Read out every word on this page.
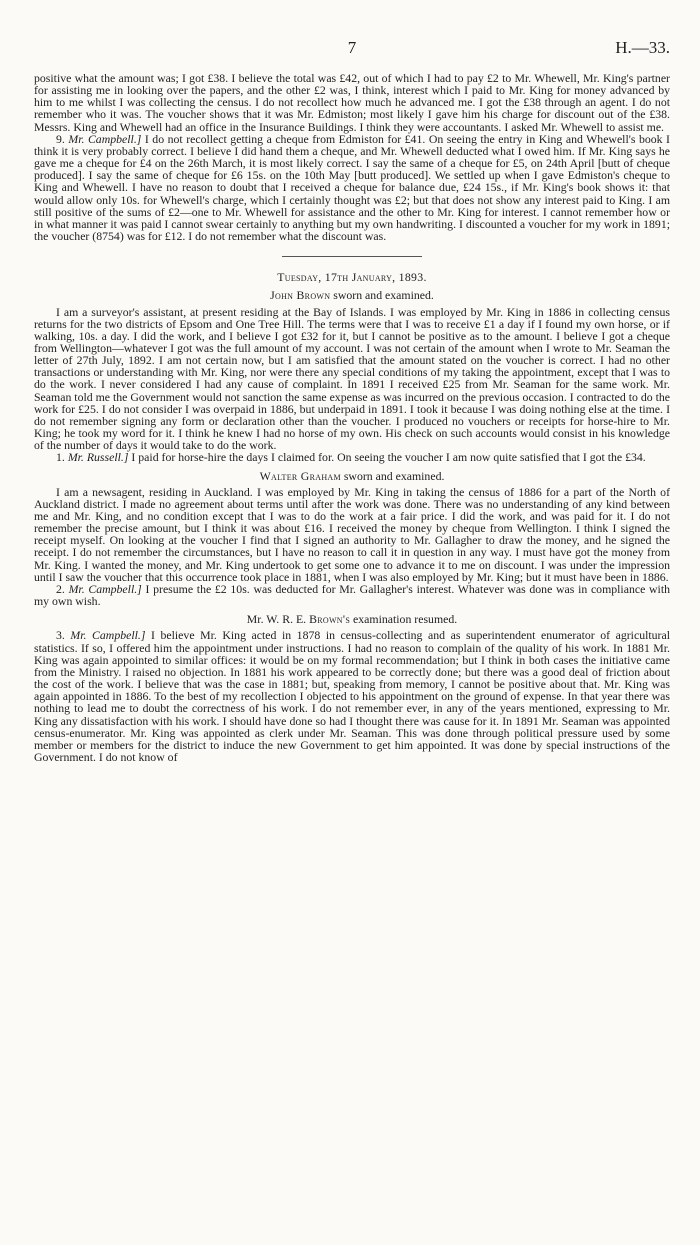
7	H.—33.

positive what the amount was; I got £38. I believe the total was £42, out of which I had to pay £2 to Mr. Whewell, Mr. King's partner for assisting me in looking over the papers, and the other £2 was, I think, interest which I paid to Mr. King for money advanced by him to me whilst I was collecting the census. I do not recollect how much he advanced me. I got the £38 through an agent. I do not remember who it was. The voucher shows that it was Mr. Edmiston; most likely I gave him his charge for discount out of the £38. Messrs. King and Whewell had an office in the Insurance Buildings. I think they were accountants. I asked Mr. Whewell to assist me.

9. Mr. Campbell.] I do not recollect getting a cheque from Edmiston for £41. On seeing the entry in King and Whewell's book I think it is very probably correct. I believe I did hand them a cheque, and Mr. Whewell deducted what I owed him. If Mr. King says he gave me a cheque for £4 on the 26th March, it is most likely correct. I say the same of a cheque for £5, on 24th April [butt of cheque produced]. I say the same of cheque for £6 15s. on the 10th May [butt produced]. We settled up when I gave Edmiston's cheque to King and Whewell. I have no reason to doubt that I received a cheque for balance due, £24 15s., if Mr. King's book shows it: that would allow only 10s. for Whewell's charge, which I certainly thought was £2; but that does not show any interest paid to King. I am still positive of the sums of £2—one to Mr. Whewell for assistance and the other to Mr. King for interest. I cannot remember how or in what manner it was paid I cannot swear certainly to anything but my own handwriting. I discounted a voucher for my work in 1891; the voucher (8754) was for £12. I do not remember what the discount was.

Tuesday, 17th January, 1893.

John Brown sworn and examined.

I am a surveyor's assistant, at present residing at the Bay of Islands. I was employed by Mr. King in 1886 in collecting census returns for the two districts of Epsom and One Tree Hill. The terms were that I was to receive £1 a day if I found my own horse, or if walking, 10s. a day. I did the work, and I believe I got £32 for it, but I cannot be positive as to the amount. I believe I got a cheque from Wellington—whatever I got was the full amount of my account. I was not certain of the amount when I wrote to Mr. Seaman the letter of 27th July, 1892. I am not certain now, but I am satisfied that the amount stated on the voucher is correct. I had no other transactions or understanding with Mr. King, nor were there any special conditions of my taking the appointment, except that I was to do the work. I never considered I had any cause of complaint. In 1891 I received £25 from Mr. Seaman for the same work. Mr. Seaman told me the Government would not sanction the same expense as was incurred on the previous occasion. I contracted to do the work for £25. I do not consider I was overpaid in 1886, but underpaid in 1891. I took it because I was doing nothing else at the time. I do not remember signing any form or declaration other than the voucher. I produced no vouchers or receipts for horse-hire to Mr. King; he took my word for it. I think he knew I had no horse of my own. His check on such accounts would consist in his knowledge of the number of days it would take to do the work.

1. Mr. Russell.] I paid for horse-hire the days I claimed for. On seeing the voucher I am now quite satisfied that I got the £34.

Walter Graham sworn and examined.

I am a newsagent, residing in Auckland. I was employed by Mr. King in taking the census of 1886 for a part of the North of Auckland district. I made no agreement about terms until after the work was done. There was no understanding of any kind between me and Mr. King, and no condition except that I was to do the work at a fair price. I did the work, and was paid for it. I do not remember the precise amount, but I think it was about £16. I received the money by cheque from Wellington. I think I signed the receipt myself. On looking at the voucher I find that I signed an authority to Mr. Gallagher to draw the money, and he signed the receipt. I do not remember the circumstances, but I have no reason to call it in question in any way. I must have got the money from Mr. King. I wanted the money, and Mr. King undertook to get some one to advance it to me on discount. I was under the impression until I saw the voucher that this occurrence took place in 1881, when I was also employed by Mr. King; but it must have been in 1886.

2. Mr. Campbell.] I presume the £2 10s. was deducted for Mr. Gallagher's interest. Whatever was done was in compliance with my own wish.

Mr. W. R. E. Brown's examination resumed.

3. Mr. Campbell.] I believe Mr. King acted in 1878 in census-collecting and as superintendent enumerator of agricultural statistics. If so, I offered him the appointment under instructions. I had no reason to complain of the quality of his work. In 1881 Mr. King was again appointed to similar offices: it would be on my formal recommendation; but I think in both cases the initiative came from the Ministry. I raised no objection. In 1881 his work appeared to be correctly done; but there was a good deal of friction about the cost of the work. I believe that was the case in 1881; but, speaking from memory, I cannot be positive about that. Mr. King was again appointed in 1886. To the best of my recollection I objected to his appointment on the ground of expense. In that year there was nothing to lead me to doubt the correctness of his work. I do not remember ever, in any of the years mentioned, expressing to Mr. King any dissatisfaction with his work. I should have done so had I thought there was cause for it. In 1891 Mr. Seaman was appointed census-enumerator. Mr. King was appointed as clerk under Mr. Seaman. This was done through political pressure used by some member or members for the district to induce the new Government to get him appointed. It was done by special instructions of the Government. I do not know of
